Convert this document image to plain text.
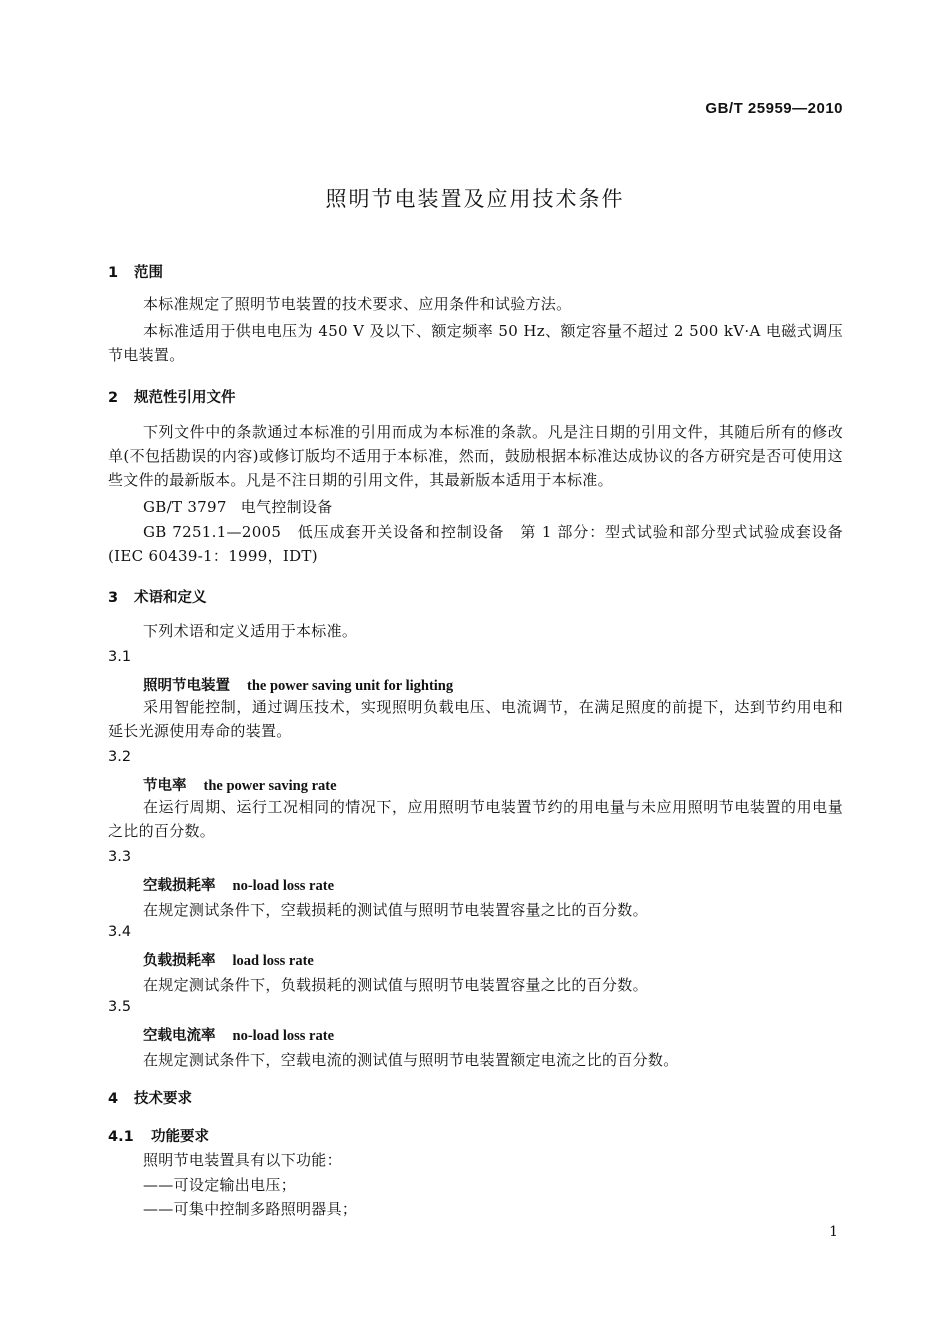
GB/T 25959—2010
照明节电装置及应用技术条件
1 范围
本标准规定了照明节电装置的技术要求、应用条件和试验方法。
本标准适用于供电电压为 450 V 及以下、额定频率 50 Hz、额定容量不超过 2 500 kV·A 电磁式调压节电装置。
2 规范性引用文件
下列文件中的条款通过本标准的引用而成为本标准的条款。凡是注日期的引用文件，其随后所有的修改单(不包括勘误的内容)或修订版均不适用于本标准，然而，鼓励根据本标准达成协议的各方研究是否可使用这些文件的最新版本。凡是不注日期的引用文件，其最新版本适用于本标准。
GB/T 3797 电气控制设备
GB 7251.1—2005　低压成套开关设备和控制设备　第 1 部分：型式试验和部分型式试验成套设备(IEC 60439-1：1999，IDT)
3 术语和定义
下列术语和定义适用于本标准。
3.1
照明节电装置 the power saving unit for lighting
采用智能控制，通过调压技术，实现照明负载电压、电流调节，在满足照度的前提下，达到节约用电和延长光源使用寿命的装置。
3.2
节电率 the power saving rate
在运行周期、运行工况相同的情况下，应用照明节电装置节约的用电量与未应用照明节电装置的用电量之比的百分数。
3.3
空载损耗率 no-load loss rate
在规定测试条件下，空载损耗的测试值与照明节电装置容量之比的百分数。
3.4
负载损耗率 load loss rate
在规定测试条件下，负载损耗的测试值与照明节电装置容量之比的百分数。
3.5
空载电流率 no-load loss rate
在规定测试条件下，空载电流的测试值与照明节电装置额定电流之比的百分数。
4 技术要求
4.1 功能要求
照明节电装置具有以下功能：
——可设定输出电压；
——可集中控制多路照明器具；
1
